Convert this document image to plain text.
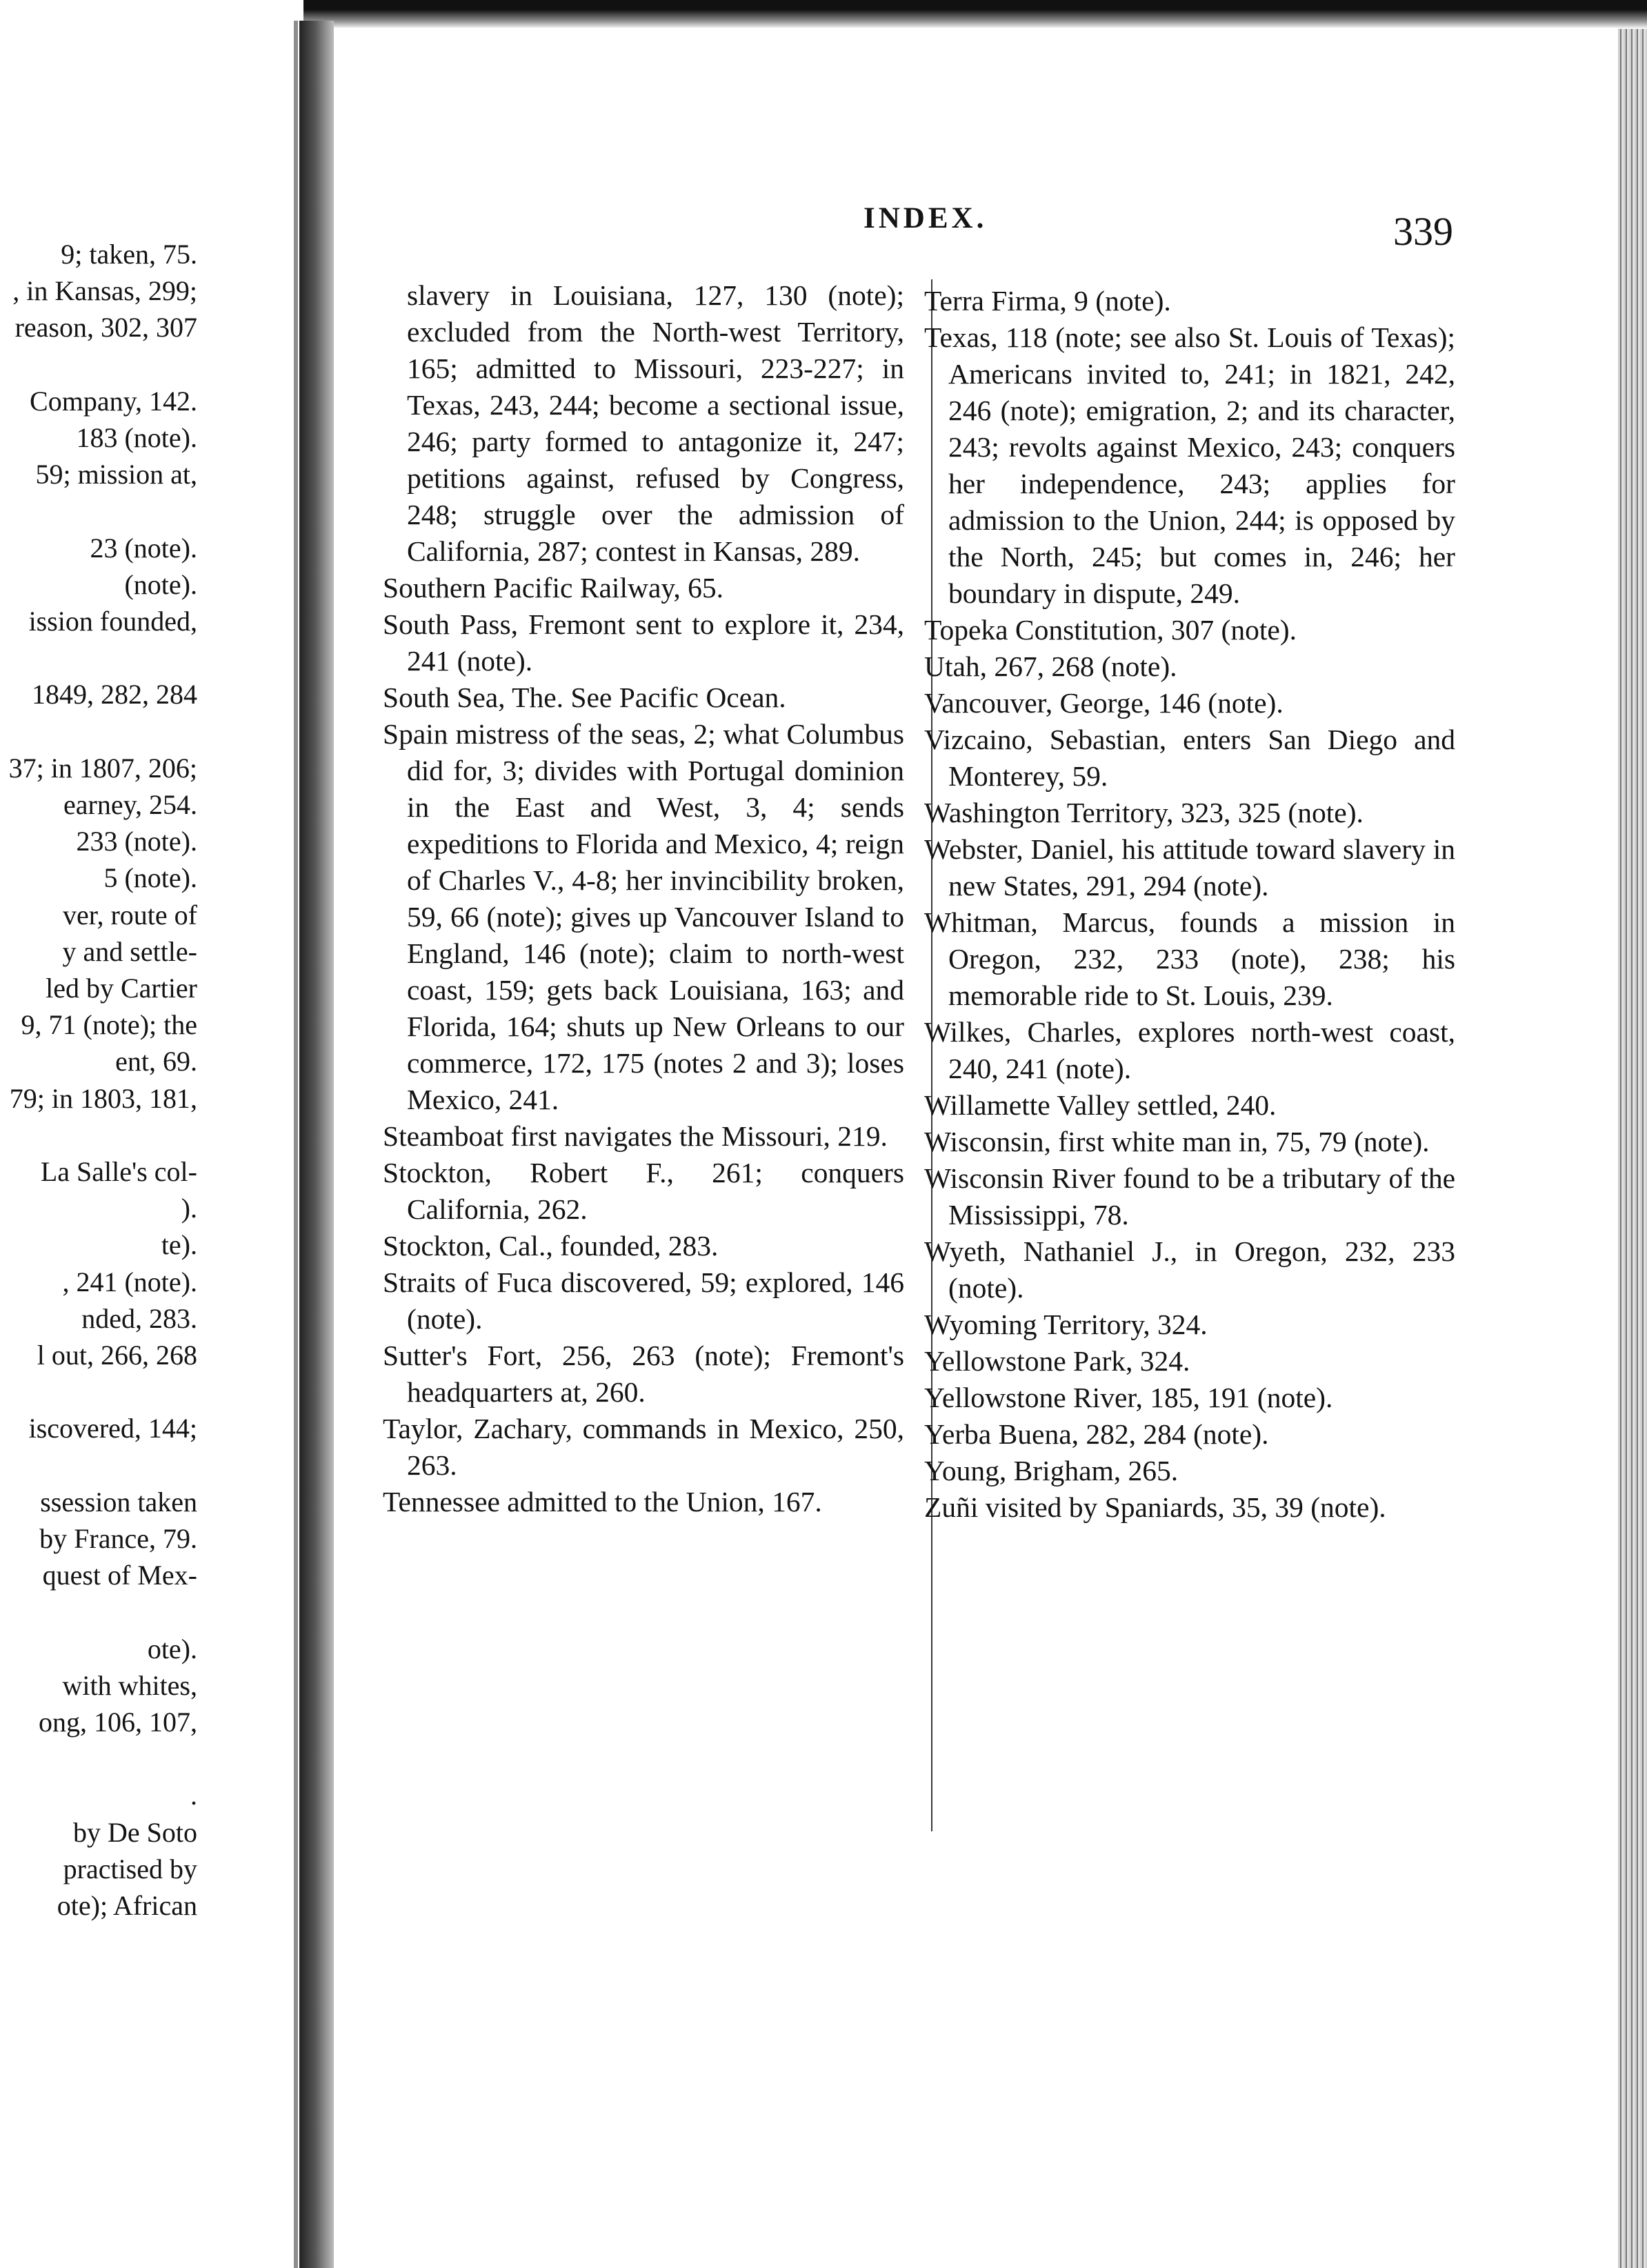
9; taken, 75.
, in Kansas, 299;
reason, 302, 307
Company, 142.
183 (note).
59; mission at,
23 (note).
(note).
ission founded,
1849, 282, 284
37; in 1807, 206;
earney, 254.
233 (note).
5 (note).
ver, route of
y and settle-
led by Cartier
9, 71 (note); the
ent, 69.
79; in 1803, 181,
La Salle's col-
).
te).
, 241 (note).
nded, 283.
l out, 266, 268
iscovered, 144;
ssession taken
by France, 79.
quest of Mex-
ote).
with whites,
ong, 106, 107,
.
by De Soto
practised by
ote); African
INDEX.	339
slavery in Louisiana, 127, 130 (note); excluded from the North-west Territory, 165; admitted to Missouri, 223-227; in Texas, 243, 244; become a sectional issue, 246; party formed to antagonize it, 247; petitions against, refused by Congress, 248; struggle over the admission of California, 287; contest in Kansas, 289.
Southern Pacific Railway, 65.
South Pass, Fremont sent to explore it, 234, 241 (note).
South Sea, The. See Pacific Ocean.
Spain mistress of the seas, 2; what Columbus did for, 3; divides with Portugal dominion in the East and West, 3, 4; sends expeditions to Florida and Mexico, 4; reign of Charles V., 4-8; her invincibility broken, 59, 66 (note); gives up Vancouver Island to England, 146 (note); claim to north-west coast, 159; gets back Louisiana, 163; and Florida, 164; shuts up New Orleans to our commerce, 172, 175 (notes 2 and 3); loses Mexico, 241.
Steamboat first navigates the Missouri, 219.
Stockton, Robert F., 261; conquers California, 262.
Stockton, Cal., founded, 283.
Straits of Fuca discovered, 59; explored, 146 (note).
Sutter's Fort, 256, 263 (note); Fremont's headquarters at, 260.
Taylor, Zachary, commands in Mexico, 250, 263.
Tennessee admitted to the Union, 167.
Terra Firma, 9 (note).
Texas, 118 (note; see also St. Louis of Texas); Americans invited to, 241; in 1821, 242, 246 (note); emigration, 2; and its character, 243; revolts against Mexico, 243; conquers her independence, 243; applies for admission to the Union, 244; is opposed by the North, 245; but comes in, 246; her boundary in dispute, 249.
Topeka Constitution, 307 (note).
Utah, 267, 268 (note).
Vancouver, George, 146 (note).
Vizcaino, Sebastian, enters San Diego and Monterey, 59.
Washington Territory, 323, 325 (note).
Webster, Daniel, his attitude toward slavery in new States, 291, 294 (note).
Whitman, Marcus, founds a mission in Oregon, 232, 233 (note), 238; his memorable ride to St. Louis, 239.
Wilkes, Charles, explores north-west coast, 240, 241 (note).
Willamette Valley settled, 240.
Wisconsin, first white man in, 75, 79 (note).
Wisconsin River found to be a tributary of the Mississippi, 78.
Wyeth, Nathaniel J., in Oregon, 232, 233 (note).
Wyoming Territory, 324.
Yellowstone Park, 324.
Yellowstone River, 185, 191 (note).
Yerba Buena, 282, 284 (note).
Young, Brigham, 265.
Zuñi visited by Spaniards, 35, 39 (note).
